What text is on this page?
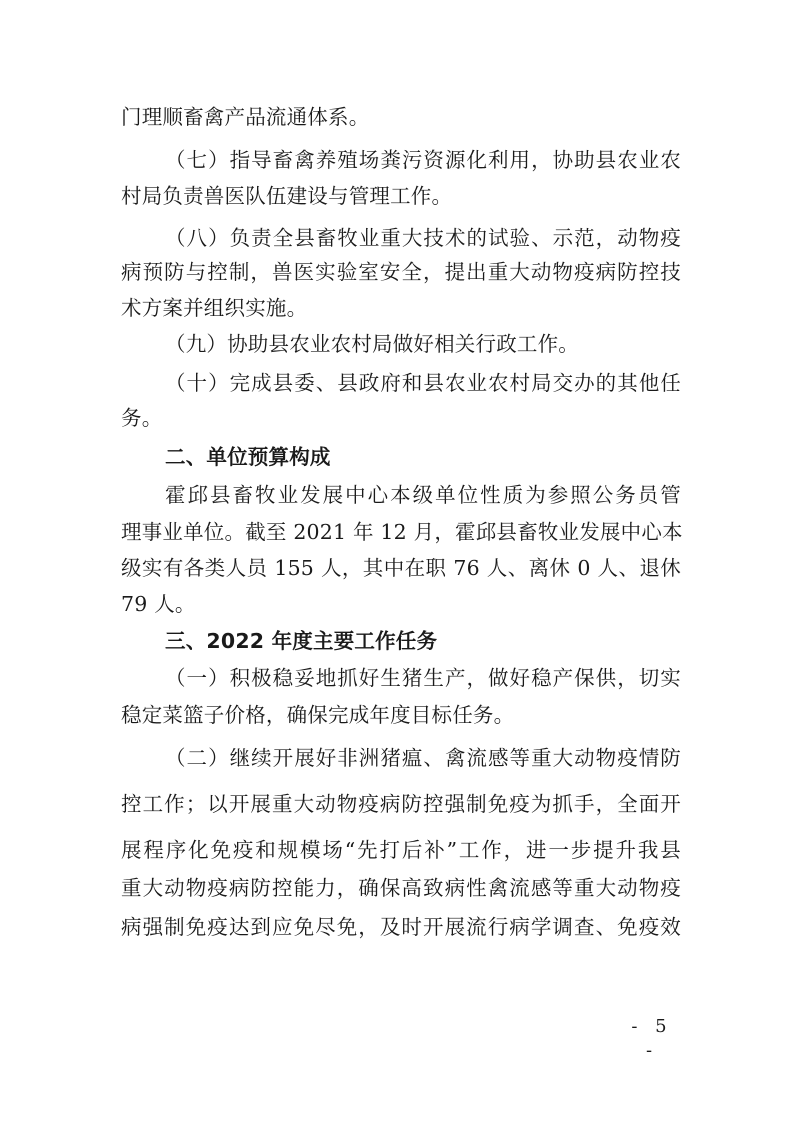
门理顺畜禽产品流通体系。
（七）指导畜禽养殖场粪污资源化利用，协助县农业农
村局负责兽医队伍建设与管理工作。
（八）负责全县畜牧业重大技术的试验、示范，动物疫
病预防与控制，兽医实验室安全，提出重大动物疫病防控技
术方案并组织实施。
（九）协助县农业农村局做好相关行政工作。
（十）完成县委、县政府和县农业农村局交办的其他任
务。
二、单位预算构成
霍邱县畜牧业发展中心本级单位性质为参照公务员管
理事业单位。截至 2021 年 12 月，霍邱县畜牧业发展中心本
级实有各类人员 155 人，其中在职 76 人、离休 0 人、退休
79 人。
三、2022 年度主要工作任务
（一）积极稳妥地抓好生猪生产，做好稳产保供，切实
稳定菜篮子价格，确保完成年度目标任务。
（二）继续开展好非洲猪瘟、禽流感等重大动物疫情防
控工作；以开展重大动物疫病防控强制免疫为抓手，全面开
展程序化免疫和规模场“先打后补”工作，进一步提升我县
重大动物疫病防控能力，确保高致病性禽流感等重大动物疫
病强制免疫达到应免尽免，及时开展流行病学调查、免疫效
- 5 -
